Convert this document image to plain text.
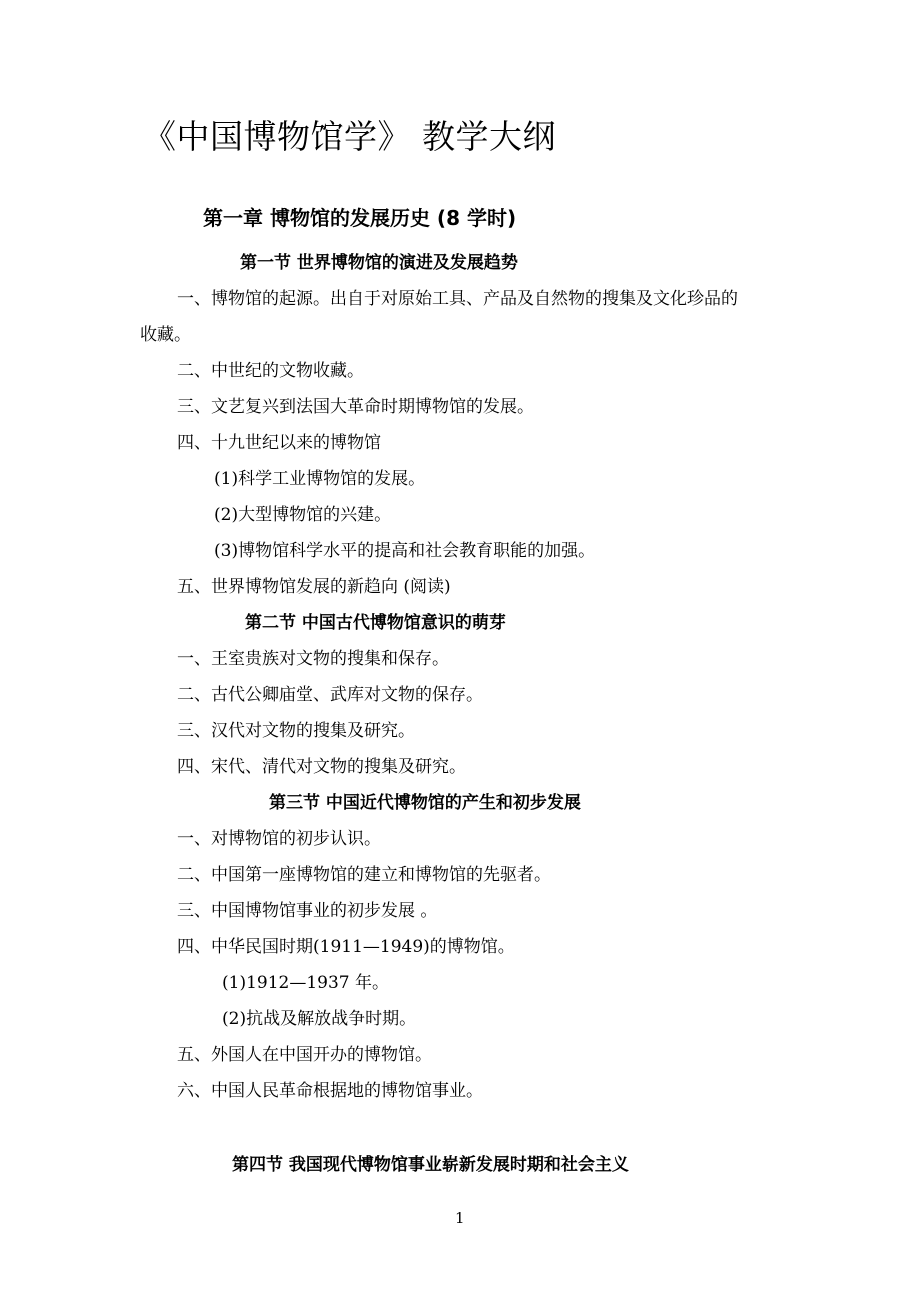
《中国博物馆学》 教学大纲
第一章 博物馆的发展历史 (8 学时)
第一节 世界博物馆的演进及发展趋势
一、博物馆的起源。出自于对原始工具、产品及自然物的搜集及文化珍品的
收藏。
二、中世纪的文物收藏。
三、文艺复兴到法国大革命时期博物馆的发展。
四、十九世纪以来的博物馆
(1)科学工业博物馆的发展。
(2)大型博物馆的兴建。
(3)博物馆科学水平的提高和社会教育职能的加强。
五、世界博物馆发展的新趋向 (阅读)
第二节 中国古代博物馆意识的萌芽
一、王室贵族对文物的搜集和保存。
二、古代公卿庙堂、武库对文物的保存。
三、汉代对文物的搜集及研究。
四、宋代、清代对文物的搜集及研究。
第三节 中国近代博物馆的产生和初步发展
一、对博物馆的初步认识。
二、中国第一座博物馆的建立和博物馆的先驱者。
三、中国博物馆事业的初步发展 。
四、中华民国时期(1911—1949)的博物馆。
(1)1912—1937 年。
(2)抗战及解放战争时期。
五、外国人在中国开办的博物馆。
六、中国人民革命根据地的博物馆事业。
第四节 我国现代博物馆事业崭新发展时期和社会主义
1
